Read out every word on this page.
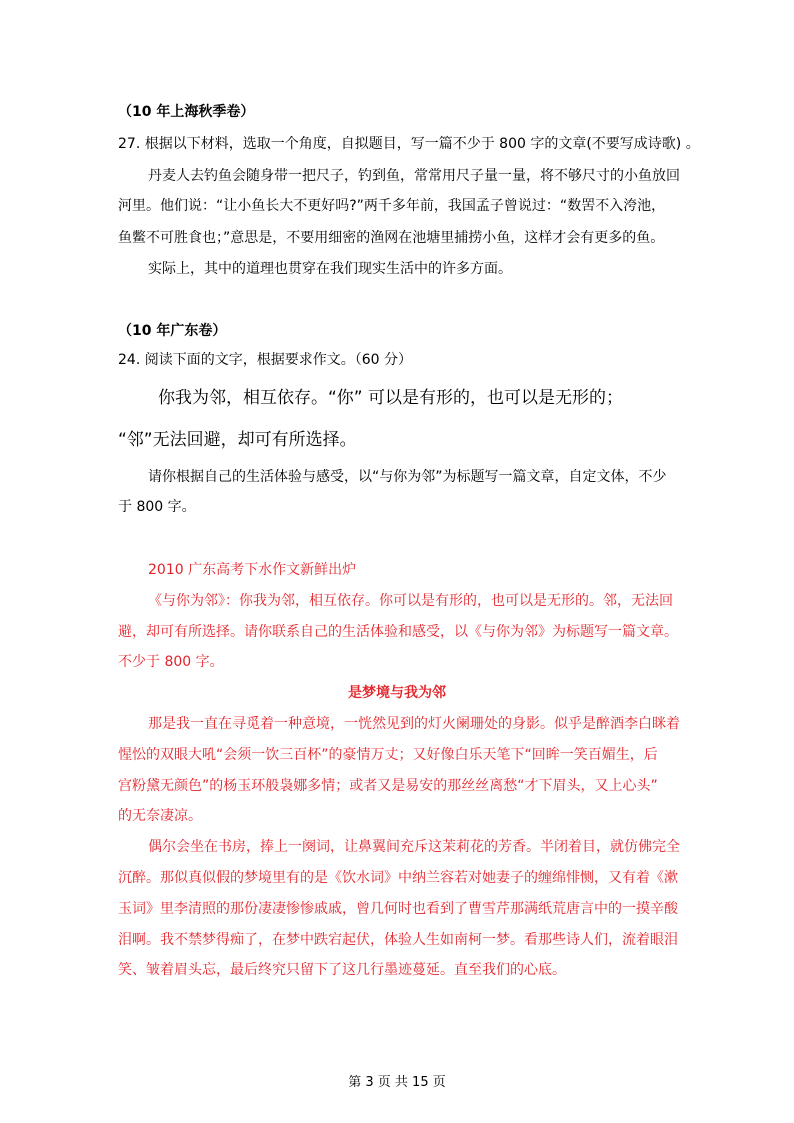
（10 年上海秋季卷）
27. 根据以下材料，选取一个角度，自拟题目，写一篇不少于 800 字的文章(不要写成诗歌) 。
丹麦人去钓鱼会随身带一把尺子，钓到鱼，常常用尺子量一量，将不够尺寸的小鱼放回
河里。他们说：“让小鱼长大不更好吗?”两千多年前，我国孟子曾说过：“数罟不入洿池，
鱼鳖不可胜食也；”意思是，不要用细密的渔网在池塘里捕捞小鱼，这样才会有更多的鱼。
实际上，其中的道理也贯穿在我们现实生活中的许多方面。
（10 年广东卷）
24. 阅读下面的文字，根据要求作文。（60 分）
你我为邻，相互依存。“你” 可以是有形的，也可以是无形的；
“邻”无法回避，却可有所选择。
请你根据自己的生活体验与感受，以“与你为邻”为标题写一篇文章，自定文体，不少
于 800 字。
2010 广东高考下水作文新鲜出炉
《与你为邻》：你我为邻，相互依存。你可以是有形的，也可以是无形的。邻，无法回
避，却可有所选择。请你联系自己的生活体验和感受，以《与你为邻》为标题写一篇文章。
不少于 800 字。
是梦境与我为邻
那是我一直在寻觅着一种意境，一恍然见到的灯火阑珊处的身影。似乎是醉酒李白眯着
惺忪的双眼大吼“会须一饮三百杯”的豪情万丈；又好像白乐天笔下“回眸一笑百媚生，后
宫粉黛无颜色”的杨玉环般袅娜多情；或者又是易安的那丝丝离愁“才下眉头，又上心头”
的无奈凄凉。
偶尔会坐在书房，捧上一阕词，让鼻翼间充斥这茉莉花的芳香。半闭着目，就仿佛完全
沉醉。那似真似假的梦境里有的是《饮水词》中纳兰容若对她妻子的缠绵悱恻，又有着《漱
玉词》里李清照的那份凄凄惨惨戚戚，曾几何时也看到了曹雪芹那满纸荒唐言中的一摸辛酸
泪啊。我不禁梦得痴了，在梦中跌宕起伏，体验人生如南柯一梦。看那些诗人们，流着眼泪
笑、皱着眉头忘，最后终究只留下了这几行墨迹蔓延。直至我们的心底。
第 3 页 共 15 页
